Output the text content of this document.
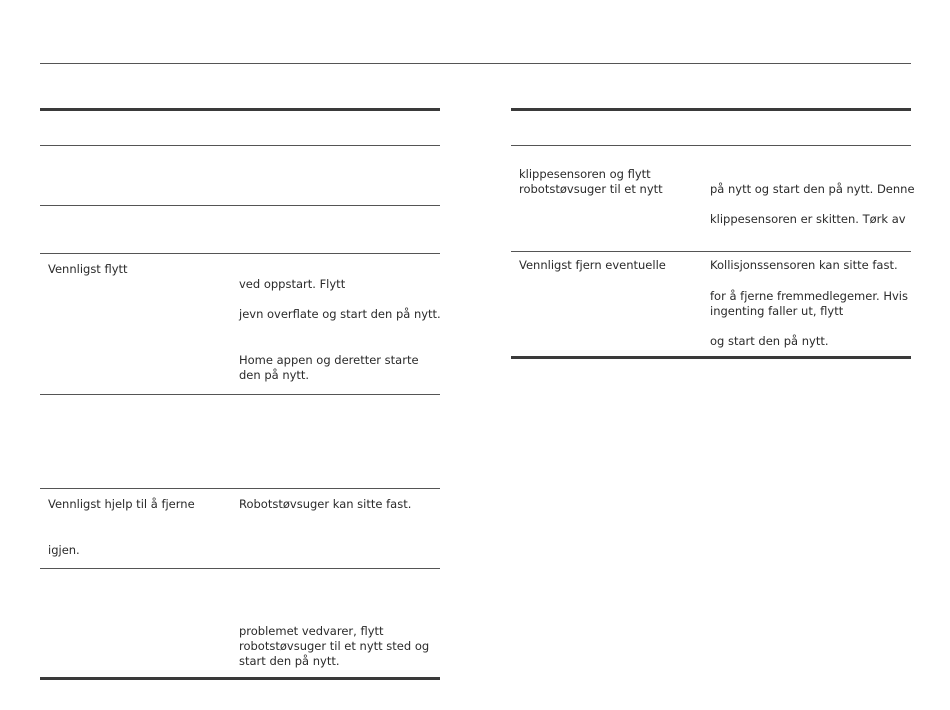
Vennligst flytt
ved oppstart. Flytt
jevn overflate og start den på nytt.
Home appen og deretter starte
den på nytt.
Vennligst hjelp til å fjerne
igjen.
Robotstøvsuger kan sitte fast.
problemet vedvarer, flytt
robotstøvsuger til et nytt sted og
start den på nytt.
klippesensoren og flytt
robotstøvsuger til et nytt	på nytt og start den på nytt. Denne
klippesensoren er skitten. Tørk av
Vennligst fjern eventuelle	Kollisjonssensoren kan sitte fast.
for å fjerne fremmedlegemer. Hvis
ingenting faller ut, flytt
og start den på nytt.
